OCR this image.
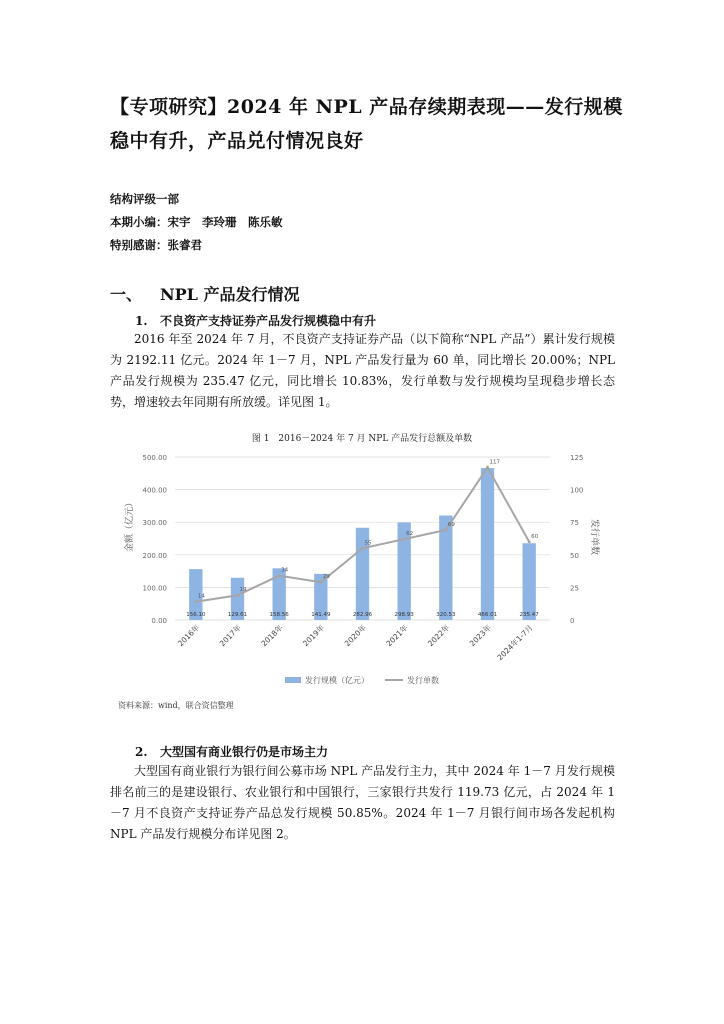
【专项研究】2024 年 NPL 产品存续期表现——发行规模稳中有升，产品兑付情况良好
结构评级一部
本期小编：宋宇　李玲珊　陈乐敏
特别感谢：张睿君
一、 NPL 产品发行情况
1. 不良资产支持证券产品发行规模稳中有升
2016 年至 2024 年 7 月，不良资产支持证券产品（以下简称“NPL 产品”）累计发行规模为 2192.11 亿元。2024 年 1－7 月，NPL 产品发行量为 60 单，同比增长 20.00%；NPL 产品发行规模为 235.47 亿元，同比增长 10.83%，发行单数与发行规模均呈现稳步增长态势，增速较去年同期有所放缓。详见图 1。
图 1　2016－2024 年 7 月 NPL 产品发行总额及单数
156.10	129.61	158.56	141.49	282.96	298.93	320.53	466.01	235.47
14
19
34
29
55
62
69
117
60
0.00
100.00
200.00
300.00
400.00
500.00
0
25
50
75
100
125
2016年 2017年 2018年 2019年 2020年 2021年 2022年 2023年 2024年1-7月
金额（亿元）	发行单数
发行规模（亿元）	发行单数
资料来源：wind，联合资信整理
2. 大型国有商业银行仍是市场主力
大型国有商业银行为银行间公募市场 NPL 产品发行主力，其中 2024 年 1－7 月发行规模排名前三的是建设银行、农业银行和中国银行，三家银行共发行 119.73 亿元，占 2024 年 1－7 月不良资产支持证券产品总发行规模 50.85%。2024 年 1－7 月银行间市场各发起机构 NPL 产品发行规模分布详见图 2。
